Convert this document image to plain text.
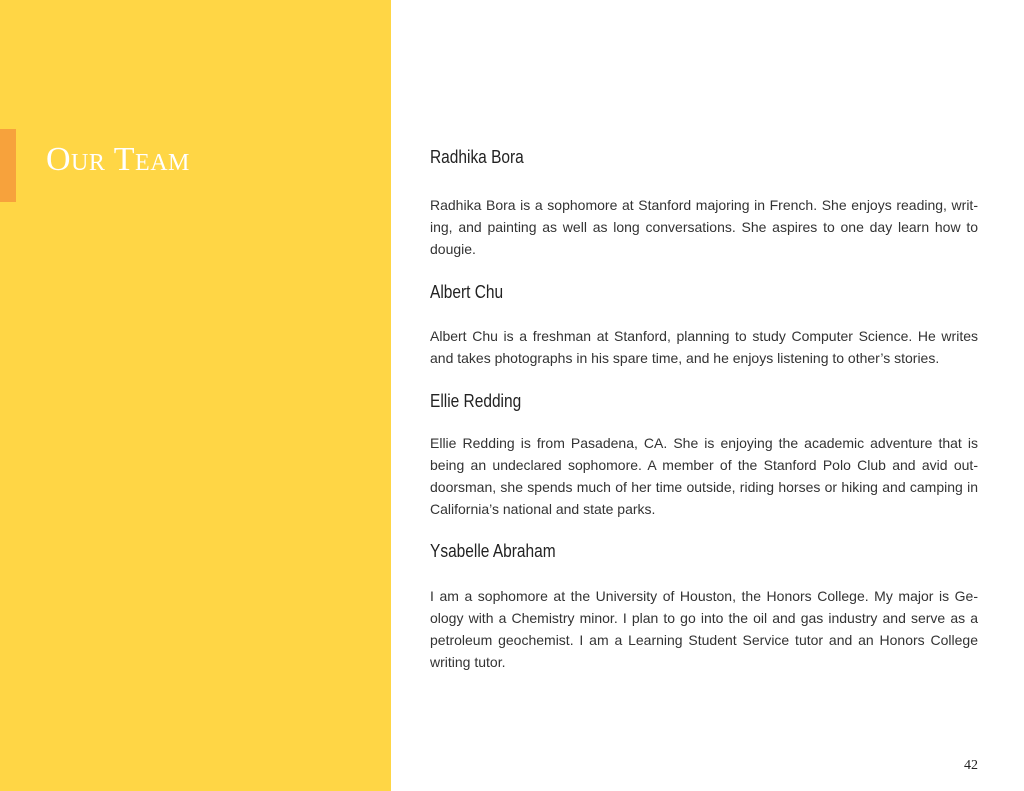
Our Team	Radhika Bora

Radhika Bora is a sophomore at Stanford majoring in French. She enjoys reading, writing, and painting as well as long conversations. She aspires to one day learn how to dougie.

Albert Chu

Albert Chu is a freshman at Stanford, planning to study Computer Science. He writes and takes photographs in his spare time, and he enjoys listening to other’s stories.

Ellie Redding

Ellie Redding is from Pasadena, CA. She is enjoying the academic adventure that is being an undeclared sophomore. A member of the Stanford Polo Club and avid outdoorsman, she spends much of her time outside, riding horses or hiking and camping in California’s national and state parks.

Ysabelle Abraham

I am a sophomore at the University of Houston, the Honors College. My major is Geology with a Chemistry minor. I plan to go into the oil and gas industry and serve as a petroleum geochemist. I am a Learning Student Service tutor and an Honors College writing tutor.

42
